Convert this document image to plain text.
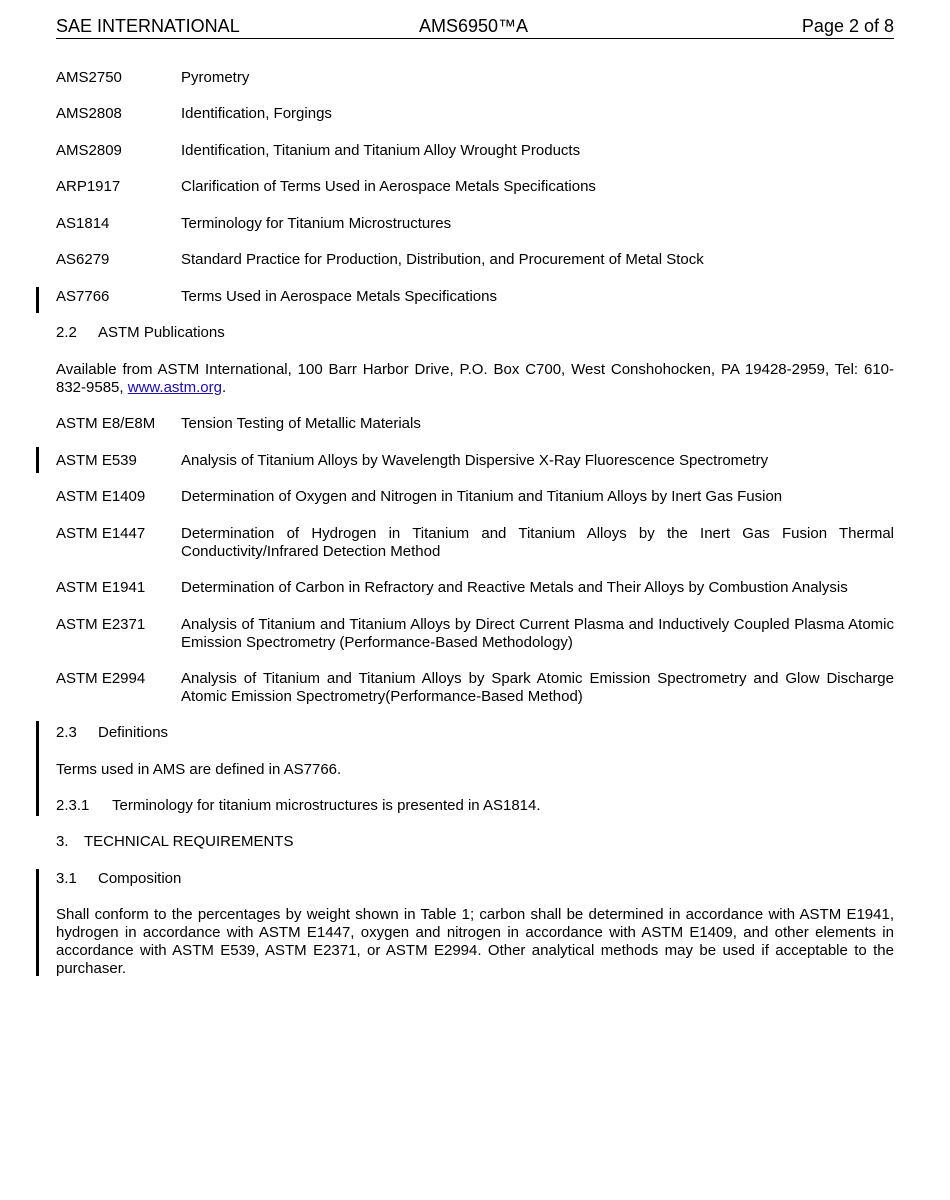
SAE INTERNATIONAL	AMS6950™A	Page 2 of 8
AMS2750	Pyrometry
AMS2808	Identification, Forgings
AMS2809	Identification, Titanium and Titanium Alloy Wrought Products
ARP1917	Clarification of Terms Used in Aerospace Metals Specifications
AS1814	Terminology for Titanium Microstructures
AS6279	Standard Practice for Production, Distribution, and Procurement of Metal Stock
AS7766	Terms Used in Aerospace Metals Specifications
2.2 ASTM Publications
Available from ASTM International, 100 Barr Harbor Drive, P.O. Box C700, West Conshohocken, PA 19428-2959, Tel: 610-832-9585, www.astm.org.
ASTM E8/E8M Tension Testing of Metallic Materials
ASTM E539	Analysis of Titanium Alloys by Wavelength Dispersive X-Ray Fluorescence Spectrometry
ASTM E1409 Determination of Oxygen and Nitrogen in Titanium and Titanium Alloys by Inert Gas Fusion
ASTM E1447 Determination of Hydrogen in Titanium and Titanium Alloys by the Inert Gas Fusion Thermal Conductivity/Infrared Detection Method
ASTM E1941 Determination of Carbon in Refractory and Reactive Metals and Their Alloys by Combustion Analysis
ASTM E2371 Analysis of Titanium and Titanium Alloys by Direct Current Plasma and Inductively Coupled Plasma Atomic Emission Spectrometry (Performance-Based Methodology)
ASTM E2994 Analysis of Titanium and Titanium Alloys by Spark Atomic Emission Spectrometry and Glow Discharge Atomic Emission Spectrometry(Performance-Based Method)
2.3 Definitions
Terms used in AMS are defined in AS7766.
2.3.1 Terminology for titanium microstructures is presented in AS1814.
3. TECHNICAL REQUIREMENTS
3.1 Composition
Shall conform to the percentages by weight shown in Table 1; carbon shall be determined in accordance with ASTM E1941, hydrogen in accordance with ASTM E1447, oxygen and nitrogen in accordance with ASTM E1409, and other elements in accordance with ASTM E539, ASTM E2371, or ASTM E2994. Other analytical methods may be used if acceptable to the purchaser.
